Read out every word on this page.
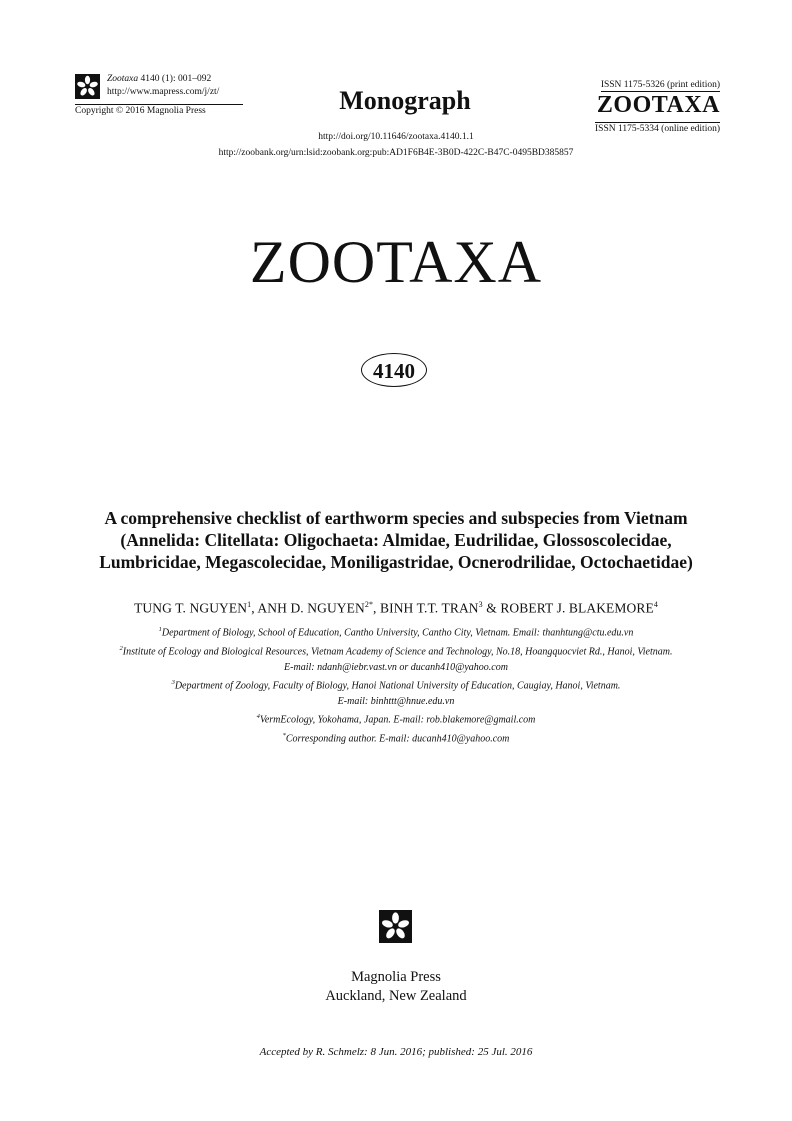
Zootaxa 4140 (1): 001–092
http://www.mapress.com/j/zt/
Copyright © 2016 Magnolia Press	Monograph
ISSN 1175-5326 (print edition)
ZOOTAXA
ISSN 1175-5334 (online edition)
http://doi.org/10.11646/zootaxa.4140.1.1
http://zoobank.org/urn:lsid:zoobank.org:pub:AD1F6B4E-3B0D-422C-B47C-0495BD385857
ZOOTAXA
4140
A comprehensive checklist of earthworm species and subspecies from Vietnam
(Annelida: Clitellata: Oligochaeta: Almidae, Eudrilidae, Glossoscolecidae,
Lumbricidae, Megascolecidae, Moniligastridae, Ocnerodrilidae, Octochaetidae)
TUNG T. NGUYEN$^1$, ANH D. $NGUYEN^{2*}$, BINH T.T. TRAN$^3$ & ROBERT J. BLAKEMORE$^4$
$^1$Department of Biology, School of Education, Cantho University, Cantho City, Vietnam. Email: thanhtung@ctu.edu.vn
$^2$Institute of Ecology and Biological Resources, Vietnam Academy of Science and Technology, No.18, Hoangquocviet Rd., Hanoi, Vietnam.
E-mail: ndanh@iebr.vast.vn or ducanh410@yahoo.com
$^3$Department of Zoology, Faculty of Biology, Hanoi National University of Education, Caugiay, Hanoi, Vietnam.
E-mail: binhttt@hnue.edu.vn
$^4$VermEcology, Yokohama, Japan. E-mail: rob.blakemore@gmail.com
*Corresponding author. E-mail: ducanh410@yahoo.com
Magnolia Press
Auckland, New Zealand
Accepted by R. Schmelz: 8 Jun. 2016; published: 25 Jul. 2016
